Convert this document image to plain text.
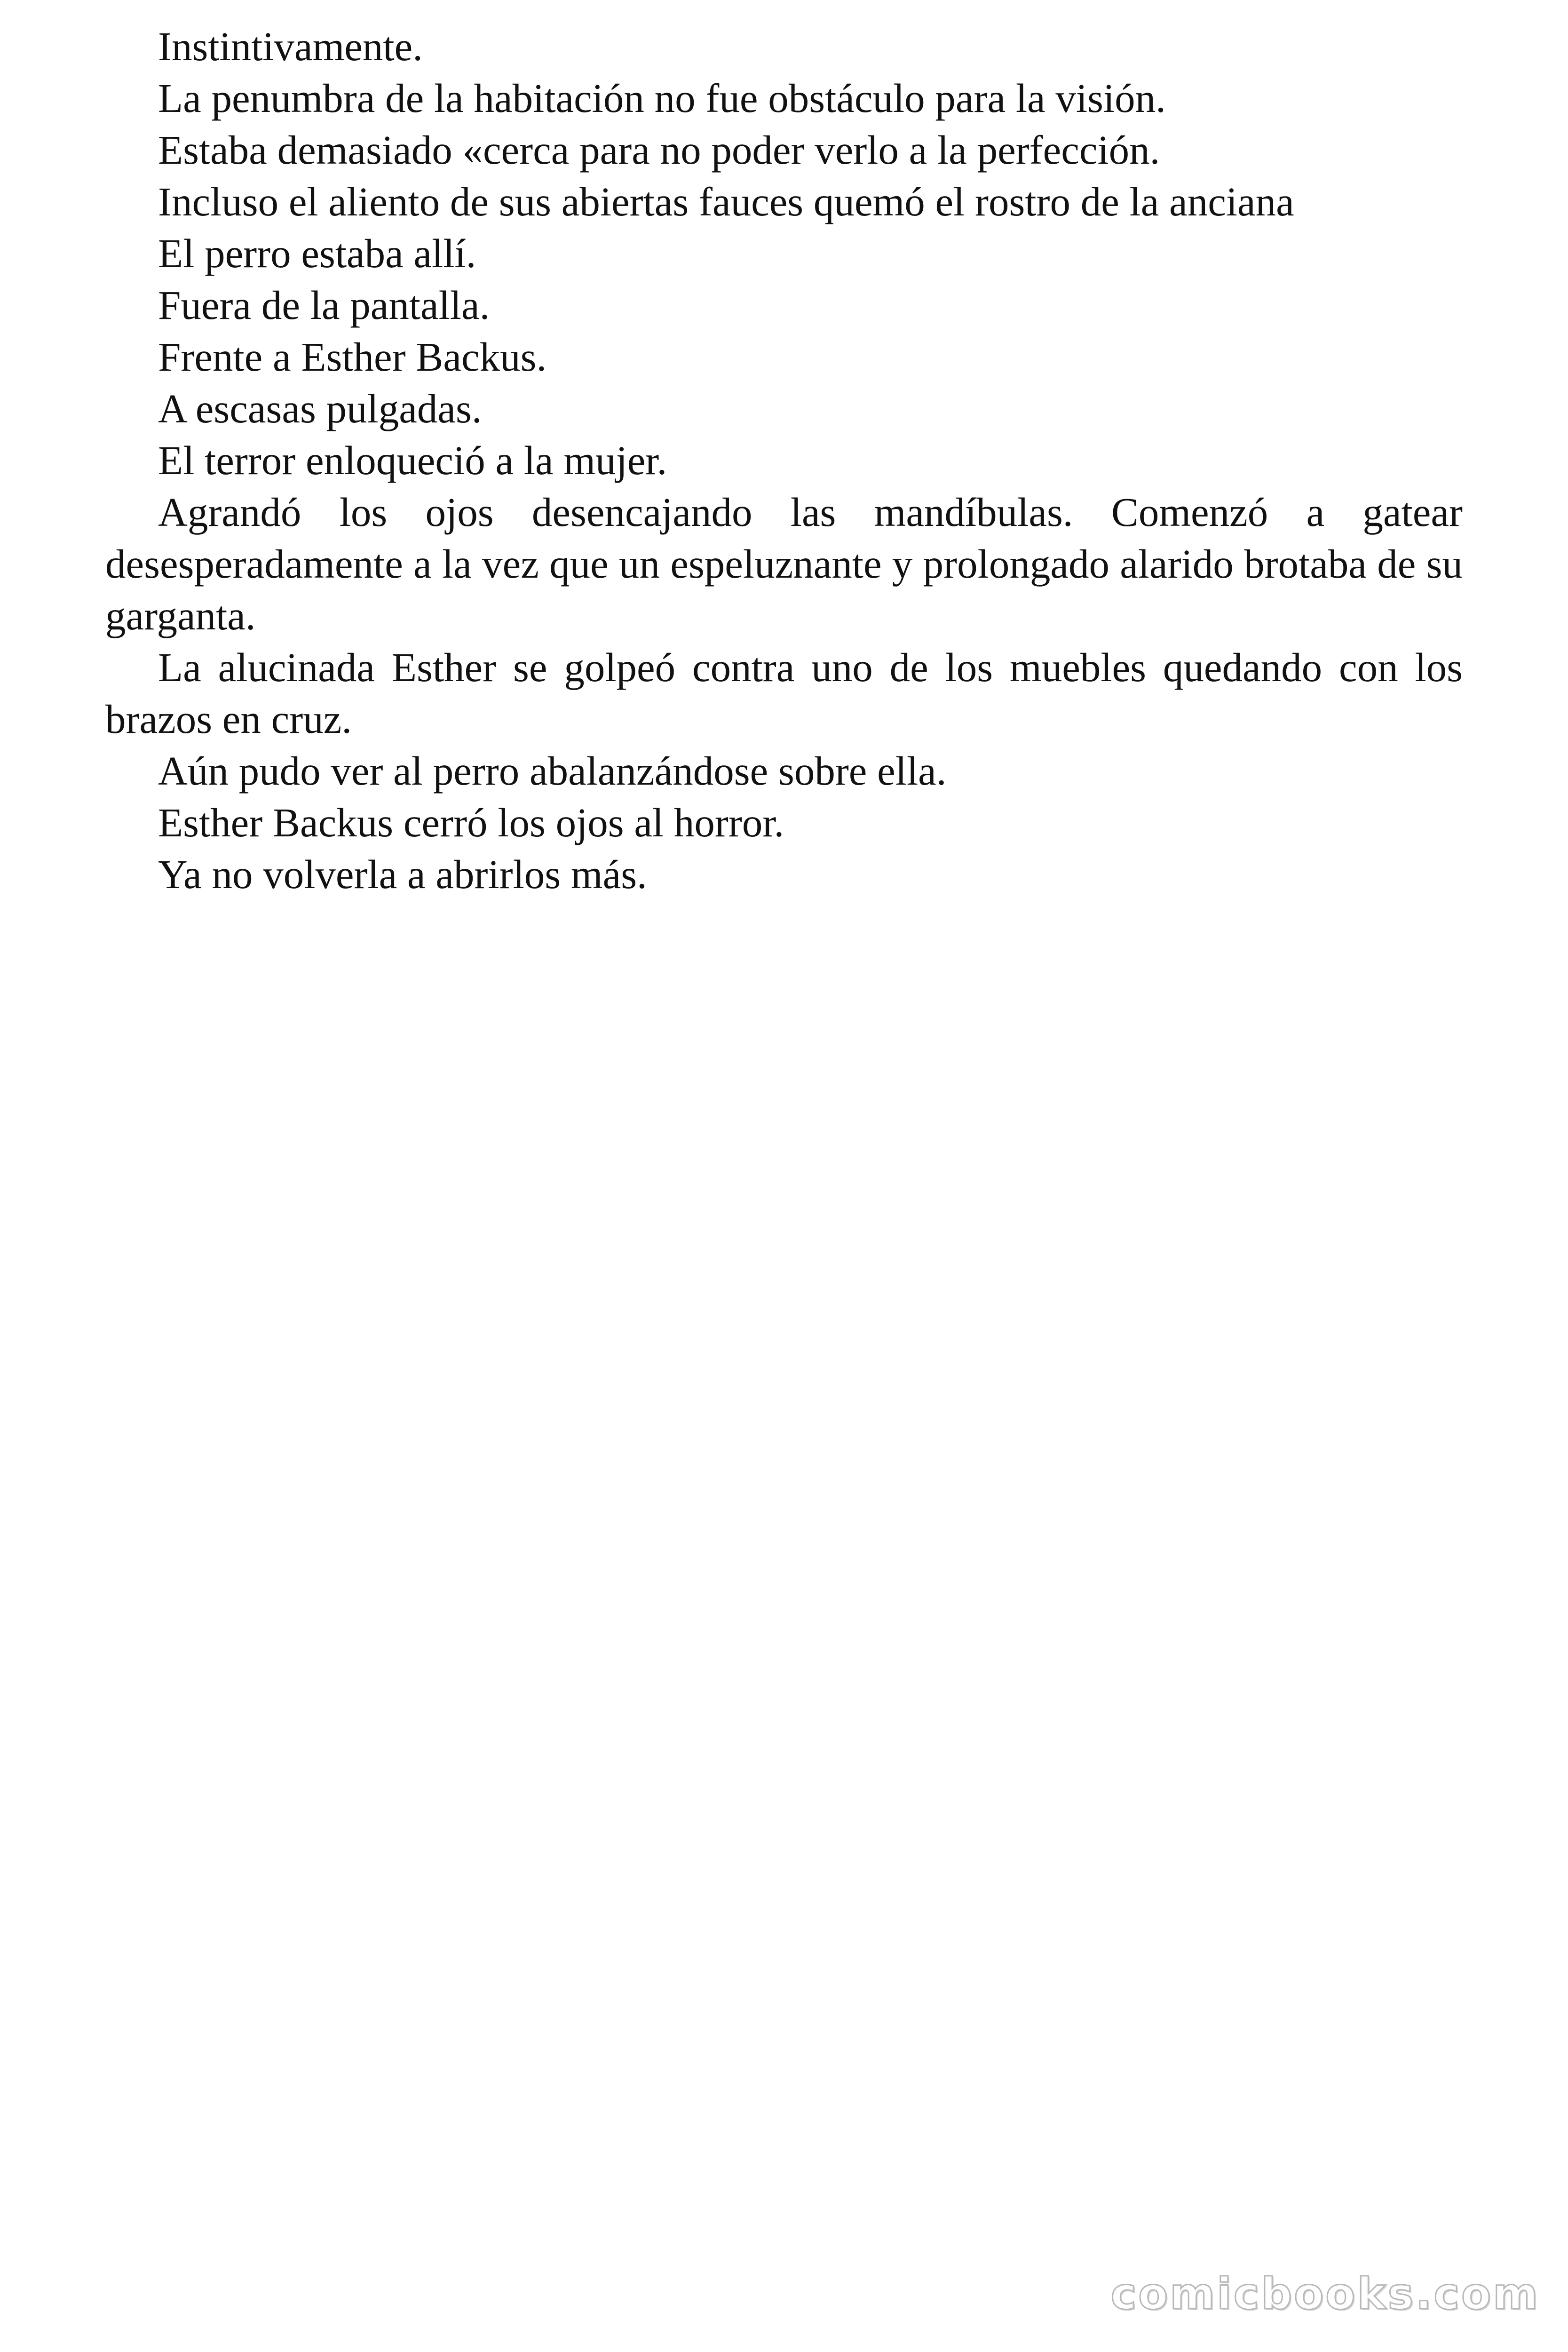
Instintivamente.

La penumbra de la habitación no fue obstáculo para la visión.

Estaba demasiado «cerca para no poder verlo a la perfección.

Incluso el aliento de sus abiertas fauces quemó el rostro de la anciana

El perro estaba allí.

Fuera de la pantalla.

Frente a Esther Backus.

A escasas pulgadas.

El terror enloqueció a la mujer.

Agrandó los ojos desencajando las mandíbulas. Comenzó a gatear desesperadamente a la vez que un espeluznante y prolongado alarido brotaba de su garganta.

La alucinada Esther se golpeó contra uno de los muebles quedando con los brazos en cruz.

Aún pudo ver al perro abalanzándose sobre ella.

Esther Backus cerró los ojos al horror.

Ya no volverla a abrirlos más.

comicbooks.com
